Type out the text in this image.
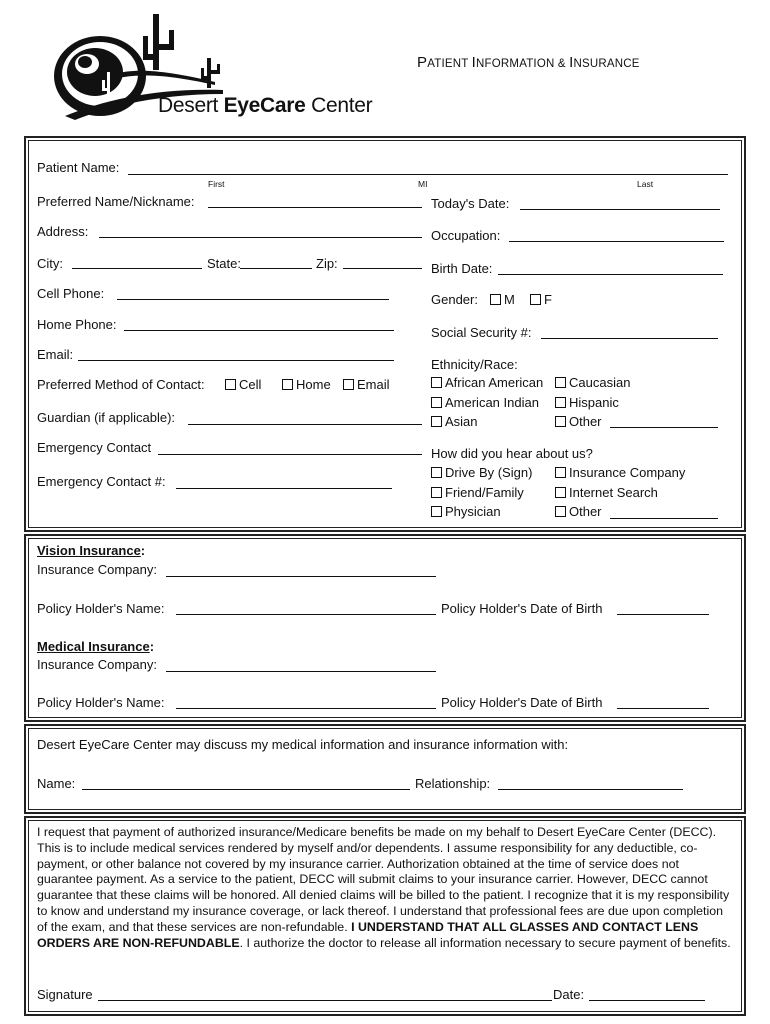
Desert EyeCare Center
PATIENT INFORMATION & INSURANCE
Patient Name:
First	MI	Last
Preferred Name/Nickname:
Address:
City:	State:	Zip:
Cell Phone:
Home Phone:
Email:
Preferred Method of Contact:	Cell	Home	Email
Guardian (if applicable):
Emergency Contact
Emergency Contact #:
Today's Date:
Occupation:
Birth Date:
Gender:	M	F
Social Security #:
Ethnicity/Race:
African American	Caucasian
American Indian	Hispanic
Asian	Other
How did you hear about us?
Drive By (Sign)	Insurance Company
Friend/Family	Internet Search
Physician	Other
Vision Insurance:
Insurance Company:
Policy Holder's Name:	Policy Holder's Date of Birth
Medical Insurance:
Insurance Company:
Policy Holder's Name:	Policy Holder's Date of Birth
Desert EyeCare Center may discuss my medical information and insurance information with:
Name:	Relationship:
I request that payment of authorized insurance/Medicare benefits be made on my behalf to Desert EyeCare Center (DECC). This is to include medical services rendered by myself and/or dependents. I assume responsibility for any deductible, co-payment, or other balance not covered by my insurance carrier. Authorization obtained at the time of service does not guarantee payment. As a service to the patient, DECC will submit claims to your insurance carrier. However, DECC cannot guarantee that these claims will be honored. All denied claims will be billed to the patient. I recognize that it is my responsibility to know and understand my insurance coverage, or lack thereof. I understand that professional fees are due upon completion of the exam, and that these services are non-refundable. I UNDERSTAND THAT ALL GLASSES AND CONTACT LENS ORDERS ARE NON-REFUNDABLE. I authorize the doctor to release all information necessary to secure payment of benefits.
Signature	Date:
